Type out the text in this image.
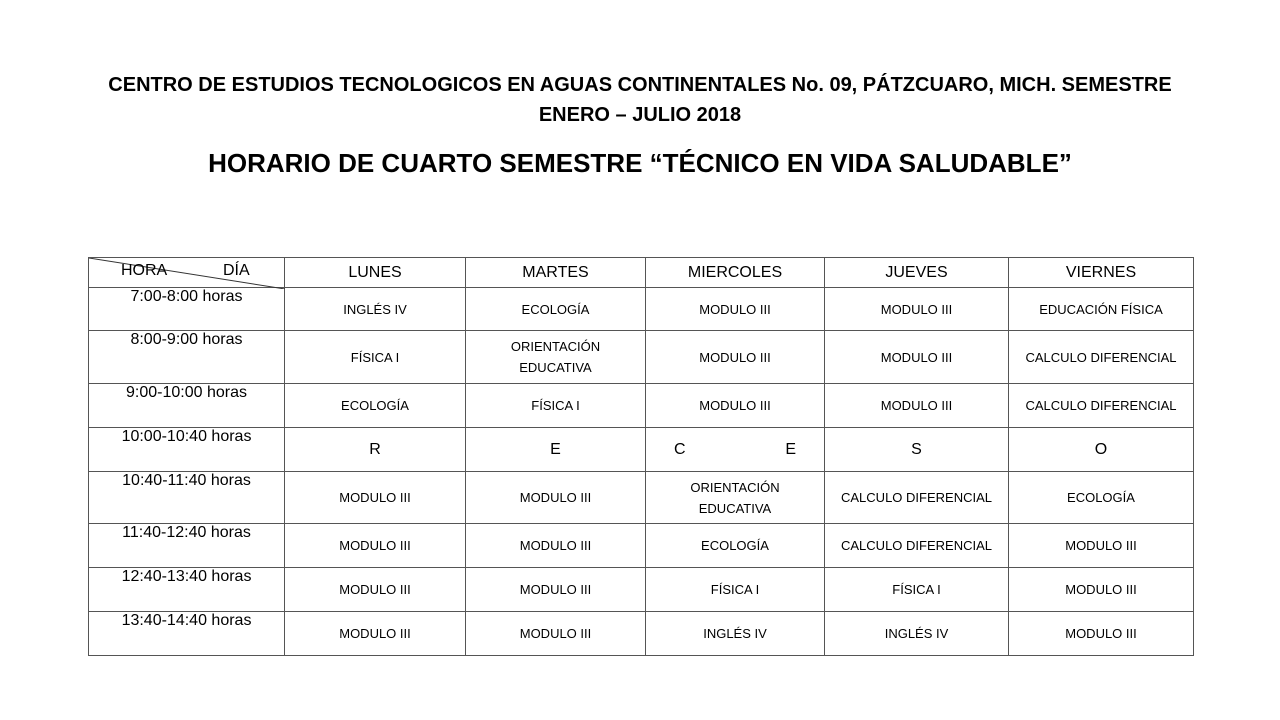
CENTRO DE ESTUDIOS TECNOLOGICOS EN AGUAS CONTINENTALES No. 09, PÁTZCUARO, MICH. SEMESTRE
ENERO – JULIO 2018
HORARIO DE CUARTO SEMESTRE “TÉCNICO EN VIDA SALUDABLE”
HORA DÍA	LUNES	MARTES	MIERCOLES	JUEVES	VIERNES
7:00-8:00 horas	INGLÉS IV	ECOLOGÍA	MODULO III	MODULO III	EDUCACIÓN FÍSICA
8:00-9:00 horas	FÍSICA I	ORIENTACIÓN EDUCATIVA	MODULO III	MODULO III	CALCULO DIFERENCIAL
9:00-10:00 horas	ECOLOGÍA	FÍSICA I	MODULO III	MODULO III	CALCULO DIFERENCIAL
10:00-10:40 horas	R	E	C E	S	O
10:40-11:40 horas	MODULO III	MODULO III	ORIENTACIÓN EDUCATIVA	CALCULO DIFERENCIAL	ECOLOGÍA
11:40-12:40 horas	MODULO III	MODULO III	ECOLOGÍA	CALCULO DIFERENCIAL	MODULO III
12:40-13:40 horas	MODULO III	MODULO III	FÍSICA I	FÍSICA I	MODULO III
13:40-14:40 horas	MODULO III	MODULO III	INGLÉS IV	INGLÉS IV	MODULO III
